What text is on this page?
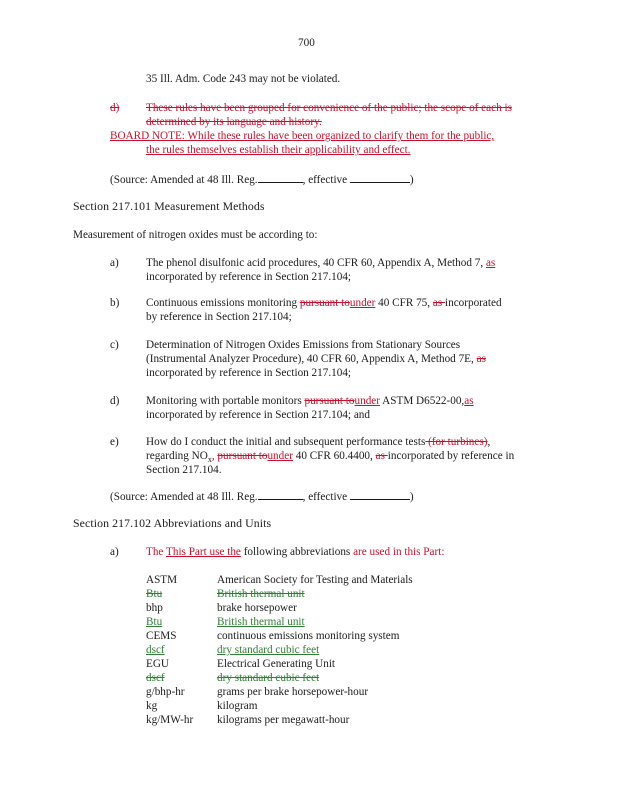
700

35 Ill. Adm. Code 243 may not be violated.

d) These rules have been grouped for convenience of the public; the scope of each is

determined by its language and history.

BOARD NOTE: While these rules have been organized to clarify them for the public,

the rules themselves establish their applicability and effect.

(Source: Amended at 48 Ill. Reg.	, effective	)

Section 217.101 Measurement Methods

Measurement of nitrogen oxides must be according to:

a) The phenol disulfonic acid procedures, 40 CFR 60, Appendix A, Method 7, as

incorporated by reference in Section 217.104;

b) Continuous emissions monitoring pursuant tounder 40 CFR 75, as incorporated

by reference in Section 217.104;

c) Determination of Nitrogen Oxides Emissions from Stationary Sources

(Instrumental Analyzer Procedure), 40 CFR 60, Appendix A, Method 7E, as

incorporated by reference in Section 217.104;

d) Monitoring with portable monitors pursuant tounder ASTM D6522-00,as

incorporated by reference in Section 217.104; and

e) How do I conduct the initial and subsequent performance tests (for turbines),

regarding $NO_x$, pursuant tounder 40 CFR 60.4400, as incorporated by reference in

Section 217.104.

(Source: Amended at 48 Ill. Reg.	, effective	)

Section 217.102 Abbreviations and Units

a) The This Part use the following abbreviations are used in this Part:

ASTM	American Society for Testing and Materials

Btu	British thermal unit

bhp	brake horsepower

Btu	British thermal unit

CEMS	continuous emissions monitoring system

dscf	dry standard cubic feet

EGU	Electrical Generating Unit

dscf	dry standard cubic feet

g/bhp-hr	grams per brake horsepower-hour

kg	kilogram

kg/MW-hr	kilograms per megawatt-hour
